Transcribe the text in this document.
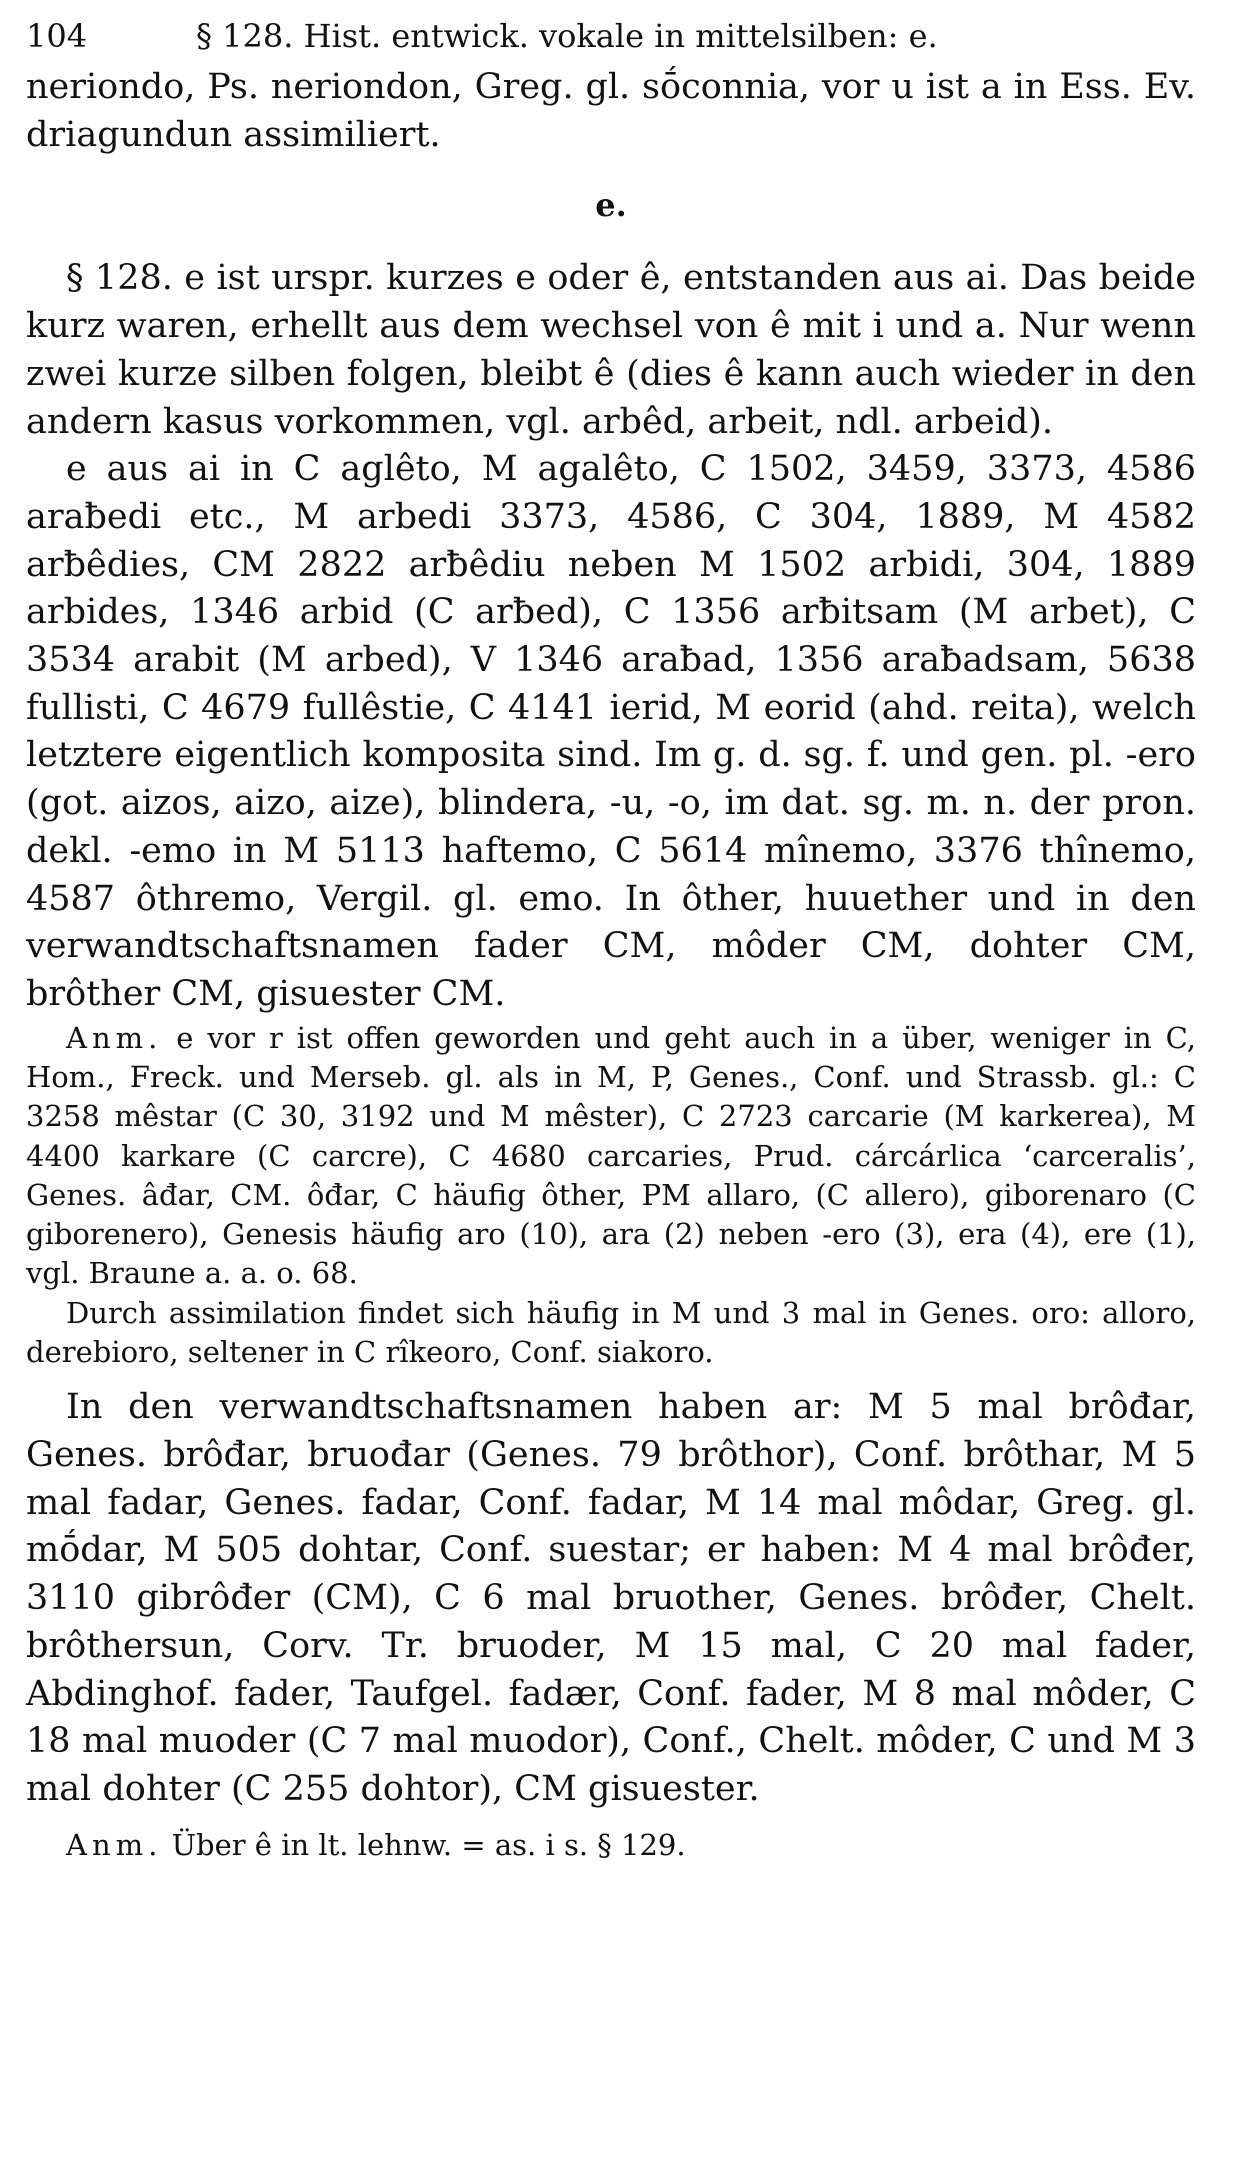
104	§ 128. Hist. entwick. vokale in mittelsilben: e.

neriondo, Ps. neriondon, Greg. gl. sṓconnia, vor u ist a in Ess. Ev. driagundun assimiliert.

e.

§ 128. e ist urspr. kurzes e oder ê, entstanden aus ai. Das beide kurz waren, erhellt aus dem wechsel von ê mit i und a. Nur wenn zwei kurze silben folgen, bleibt ê (dies ê kann auch wieder in den andern kasus vorkommen, vgl. arbêd, arbeit, ndl. arbeid).

e aus ai in C aglêto, M agalêto, C 1502, 3459, 3373, 4586 araƀedi etc., M arbedi 3373, 4586, C 304, 1889, M 4582 arƀêdies, CM 2822 arƀêdiu neben M 1502 arbidi, 304, 1889 arbides, 1346 arbid (C arƀed), C 1356 arƀitsam (M arbet), C 3534 arabit (M arbed), V 1346 araƀad, 1356 araƀadsam, 5638 fullisti, C 4679 fullêstie, C 4141 ierid, M eorid (ahd. reita), welch letztere eigentlich komposita sind. Im g. d. sg. f. und gen. pl. -ero (got. aizos, aizo, aize), blindera, -u, -o, im dat. sg. m. n. der pron. dekl. -emo in M 5113 haftemo, C 5614 mînemo, 3376 thînemo, 4587 ôthremo, Vergil. gl. emo. In ôther, huuether und in den verwandtschaftsnamen fader CM, môder CM, dohter CM, brôther CM, gisuester CM.

Anm. e vor r ist offen geworden und geht auch in a über, weniger in C, Hom., Freck. und Merseb. gl. als in M, P, Genes., Conf. und Strassb. gl.: C 3258 mêstar (C 30, 3192 und M mêster), C 2723 carcarie (M karkerea), M 4400 karkare (C carcre), C 4680 carcaries, Prud. cárcárlica ‘carceralis’, Genes. âđar, CM. ôđar, C häufig ôther, PM allaro, (C allero), giborenaro (C giborenero), Genesis häufig aro (10), ara (2) neben -ero (3), era (4), ere (1), vgl. Braune a. a. o. 68.

Durch assimilation findet sich häufig in M und 3 mal in Genes. oro: alloro, derebioro, seltener in C rîkeoro, Conf. siakoro.

In den verwandtschaftsnamen haben ar: M 5 mal brôđar, Genes. brôđar, bruođar (Genes. 79 brôthor), Conf. brôthar, M 5 mal fadar, Genes. fadar, Conf. fadar, M 14 mal môdar, Greg. gl. mṓdar, M 505 dohtar, Conf. suestar; er haben: M 4 mal brôđer, 3110 gibrôđer (CM), C 6 mal bruother, Genes. brôđer, Chelt. brôthersun, Corv. Tr. bruoder, M 15 mal, C 20 mal fader, Abdinghof. fader, Taufgel. fadær, Conf. fader, M 8 mal môder, C 18 mal muoder (C 7 mal muodor), Conf., Chelt. môder, C und M 3 mal dohter (C 255 dohtor), CM gisuester.

Anm. Über ê in lt. lehnw. = as. i s. § 129.
